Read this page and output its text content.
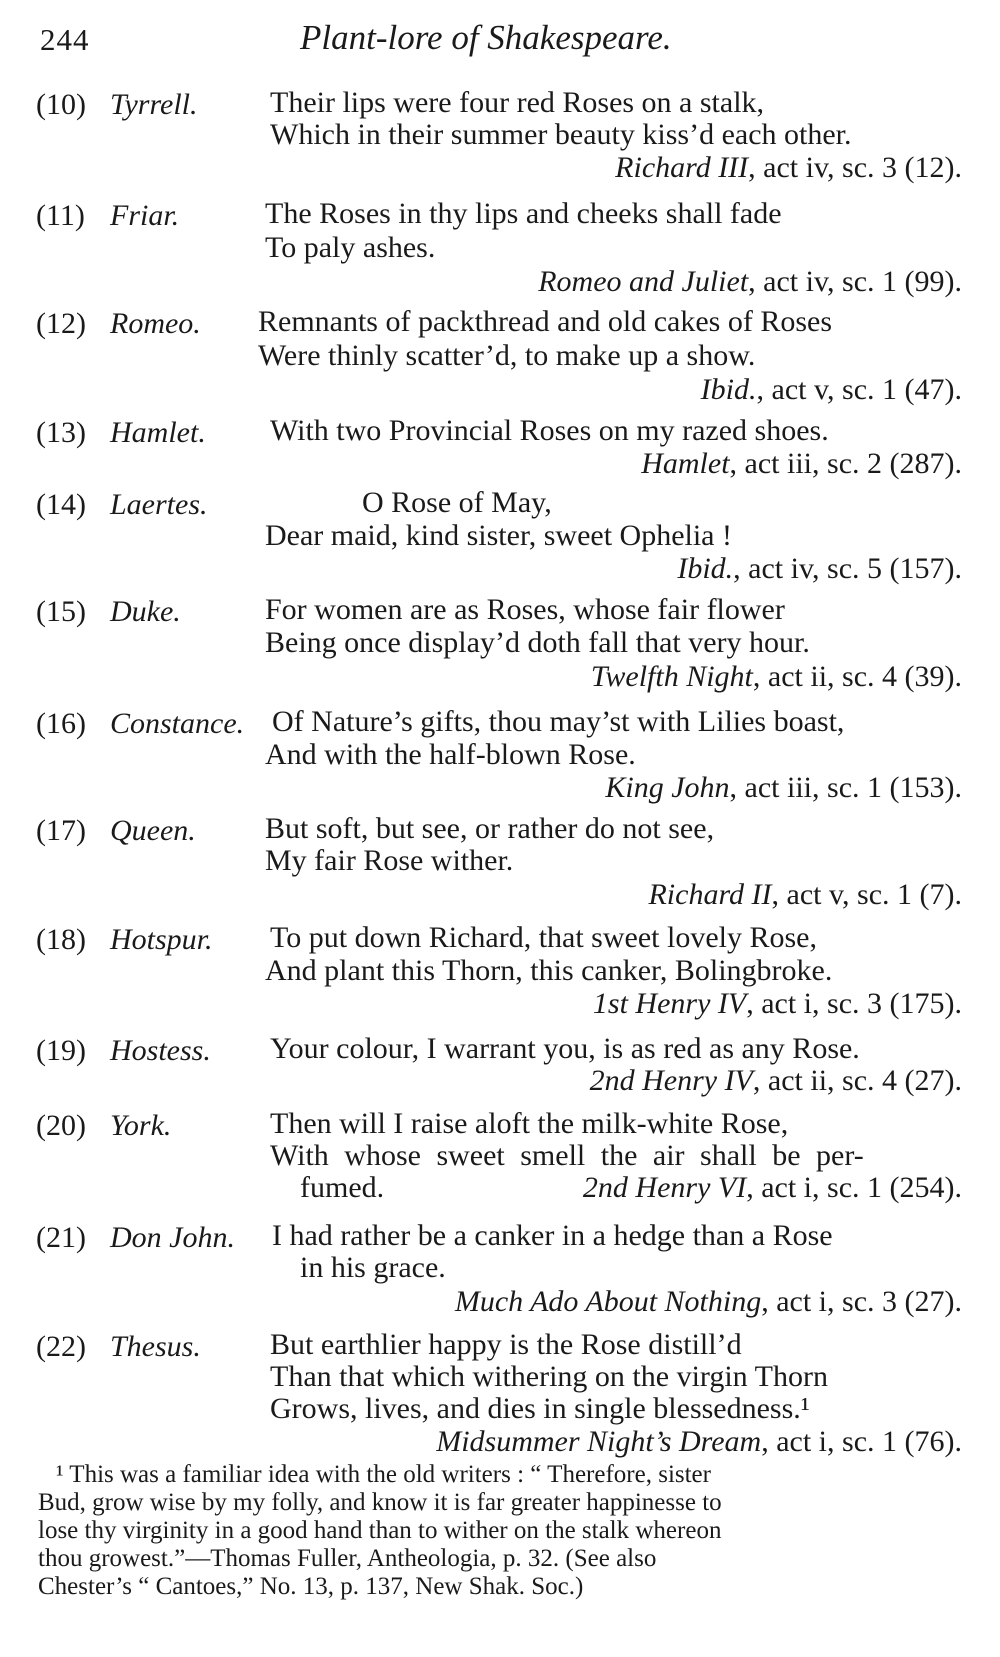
244	Plant-lore of Shakespeare.
(10) Tyrrell. Their lips were four red Roses on a stalk,
Which in their summer beauty kiss’d each other.
Richard III, act iv, sc. 3 (12).
(11) Friar.	The Roses in thy lips and cheeks shall fade
To paly ashes.
Romeo and Juliet, act iv, sc. 1 (99).
(12) Romeo. Remnants of packthread and old cakes of Roses
Were thinly scatter’d, to make up a show.
Ibid., act v, sc. 1 (47).
(13) Hamlet. With two Provincial Roses on my razed shoes.
Hamlet, act iii, sc. 2 (287).
(14) Laertes.	O Rose of May,
Dear maid, kind sister, sweet Ophelia !
Ibid., act iv, sc. 5 (157).
(15) Duke.	For women are as Roses, whose fair flower
Being once display’d doth fall that very hour.
Twelfth Night, act ii, sc. 4 (39).
(16) Constance. Of Nature’s gifts, thou may’st with Lilies boast,
And with the half-blown Rose.
King John, act iii, sc. 1 (153).
(17) Queen. But soft, but see, or rather do not see,
My fair Rose wither.
Richard II, act v, sc. 1 (7).
(18) Hotspur. To put down Richard, that sweet lovely Rose,
And plant this Thorn, this canker, Bolingbroke.
1st Henry IV, act i, sc. 3 (175).
(19) Hostess. Your colour, I warrant you, is as red as any Rose.
2nd Henry IV, act ii, sc. 4 (27).
(20) York.	Then will I raise aloft the milk-white Rose,
With whose sweet smell the air shall be per-
fumed.	2nd Henry VI, act i, sc. 1 (254).
(21) Don John. I had rather be a canker in a hedge than a Rose
in his grace.
Much Ado About Nothing, act i, sc. 3 (27).
(22) Thesus. But earthlier happy is the Rose distill’d
Than that which withering on the virgin Thorn
Grows, lives, and dies in single blessedness.¹
Midsummer Night’s Dream, act i, sc. 1 (76).
¹ This was a familiar idea with the old writers : “ Therefore, sister
Bud, grow wise by my folly, and know it is far greater happinesse to
lose thy virginity in a good hand than to wither on the stalk whereon
thou growest.”—Thomas Fuller, Antheologia, p. 32. (See also
Chester’s “ Cantoes,” No. 13, p. 137, New Shak. Soc.)
